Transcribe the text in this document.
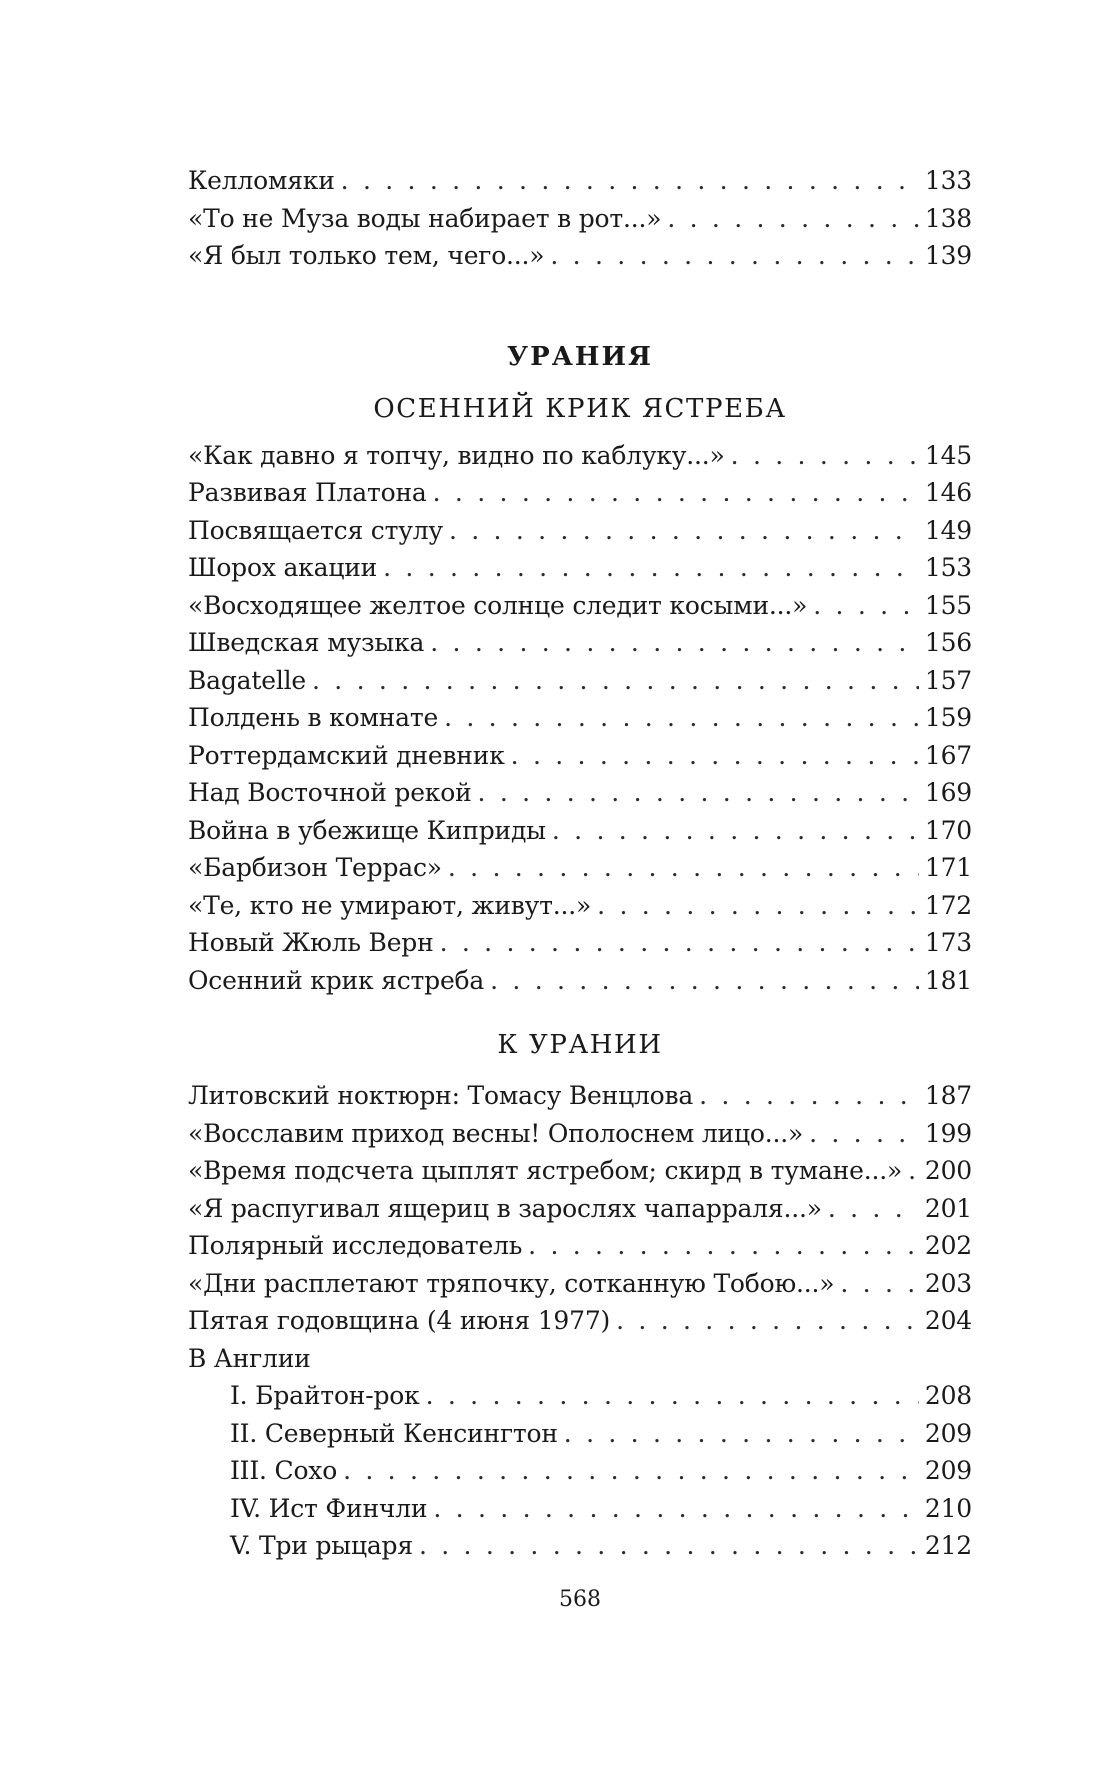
Келломяки . . .	133
«То не Муза воды набирает в рот...» . . .	138
«Я был только тем, чего...» . . .	139
УРАНИЯ
ОСЕННИЙ КРИК ЯСТРЕБА
«Как давно я топчу, видно по каблуку...» . . .	145
Развивая Платона . . .	146
Посвящается стулу . . .	149
Шорох акации . . .	153
«Восходящее желтое солнце следит косыми...» . . .	155
Шведская музыка . . .	156
Bagatelle . . .	157
Полдень в комнате . . .	159
Роттердамский дневник . . .	167
Над Восточной рекой . . .	169
Война в убежище Киприды . . .	170
«Барбизон Террас» . . .	171
«Те, кто не умирают, живут...» . . .	172
Новый Жюль Верн . . .	173
Осенний крик ястреба . . .	181
К УРАНИИ
Литовский ноктюрн: Томасу Венцлова . . .	187
«Восславим приход весны! Ополоснем лицо...» . . .	199
«Время подсчета цыплят ястребом; скирд в тумане...» . . . 200
«Я распугивал ящериц в зарослях чапарраля...» . . .	201
Полярный исследователь . . .	202
«Дни расплетают тряпочку, сотканную Тобою...» . . .	203
Пятая годовщина (4 июня 1977) . . .	204
В Англии
I. Брайтон-рок . . .	208
II. Северный Кенсингтон . . .	209
III. Сохо . . .	209
IV. Ист Финчли . . .	210
V. Три рыцаря . . .	212
568
